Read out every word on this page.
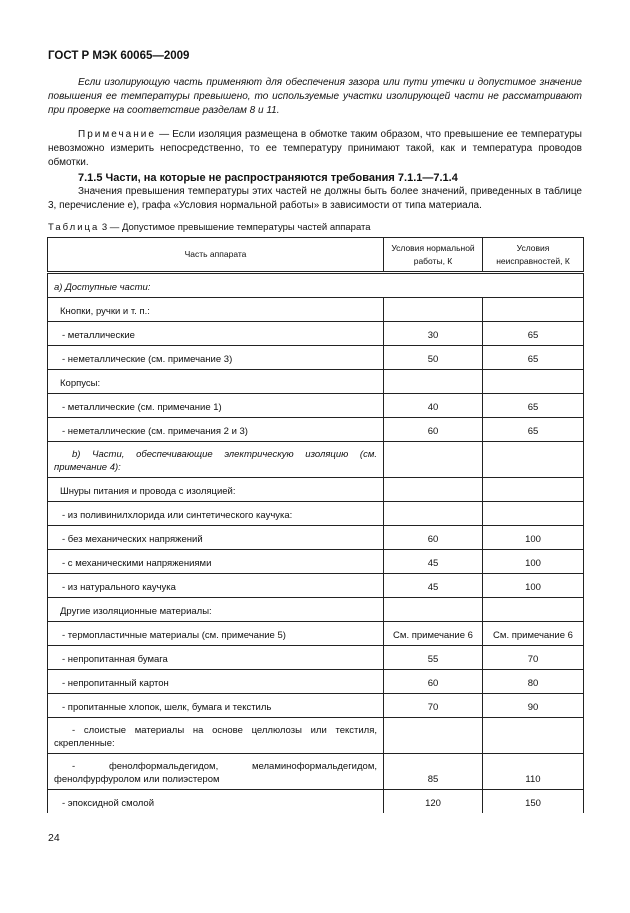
ГОСТ Р МЭК 60065—2009
Если изолирующую часть применяют для обеспечения зазора или пути утечки и допустимое значение повышения ее температуры превышено, то используемые участки изолирующей части не рассматривают при проверке на соответствие разделам 8 и 11.
Примечание — Если изоляция размещена в обмотке таким образом, что превышение ее температуры невозможно измерить непосредственно, то ее температуру принимают такой, как и температура проводов обмотки.
7.1.5 Части, на которые не распространяются требования 7.1.1—7.1.4
Значения превышения температуры этих частей не должны быть более значений, приведенных в таблице 3, перечисление е), графа «Условия нормальной работы» в зависимости от типа материала.
Таблица 3 — Допустимое превышение температуры частей аппарата
Часть аппарата	Условия нормальной работы, К	Условия неисправностей, К
а) Доступные части:		
Кнопки, ручки и т. п.:		
- металлические	30	65
- неметаллические (см. примечание 3)	50	65
Корпусы:		
- металлические (см. примечание 1)	40	65
- неметаллические (см. примечания 2 и 3)	60	65
b) Части, обеспечивающие электрическую изоляцию (см. примечание 4):		
Шнуры питания и провода с изоляцией:		
- из поливинилхлорида или синтетического каучука:		
- без механических напряжений	60	100
- с механическими напряжениями	45	100
- из натурального каучука	45	100
Другие изоляционные материалы:		
- термопластичные материалы (см. примечание 5)	См. примечание 6	См. примечание 6
- непропитанная бумага	55	70
- непропитанный картон	60	80
- пропитанные хлопок, шелк, бумага и текстиль	70	90
- слоистые материалы на основе целлюлозы или текстиля, скрепленные:		
- фенолформальдегидом, меламиноформальдегидом, фенолфурфуролом или полиэстером	85	110
- эпоксидной смолой	120	150
24
